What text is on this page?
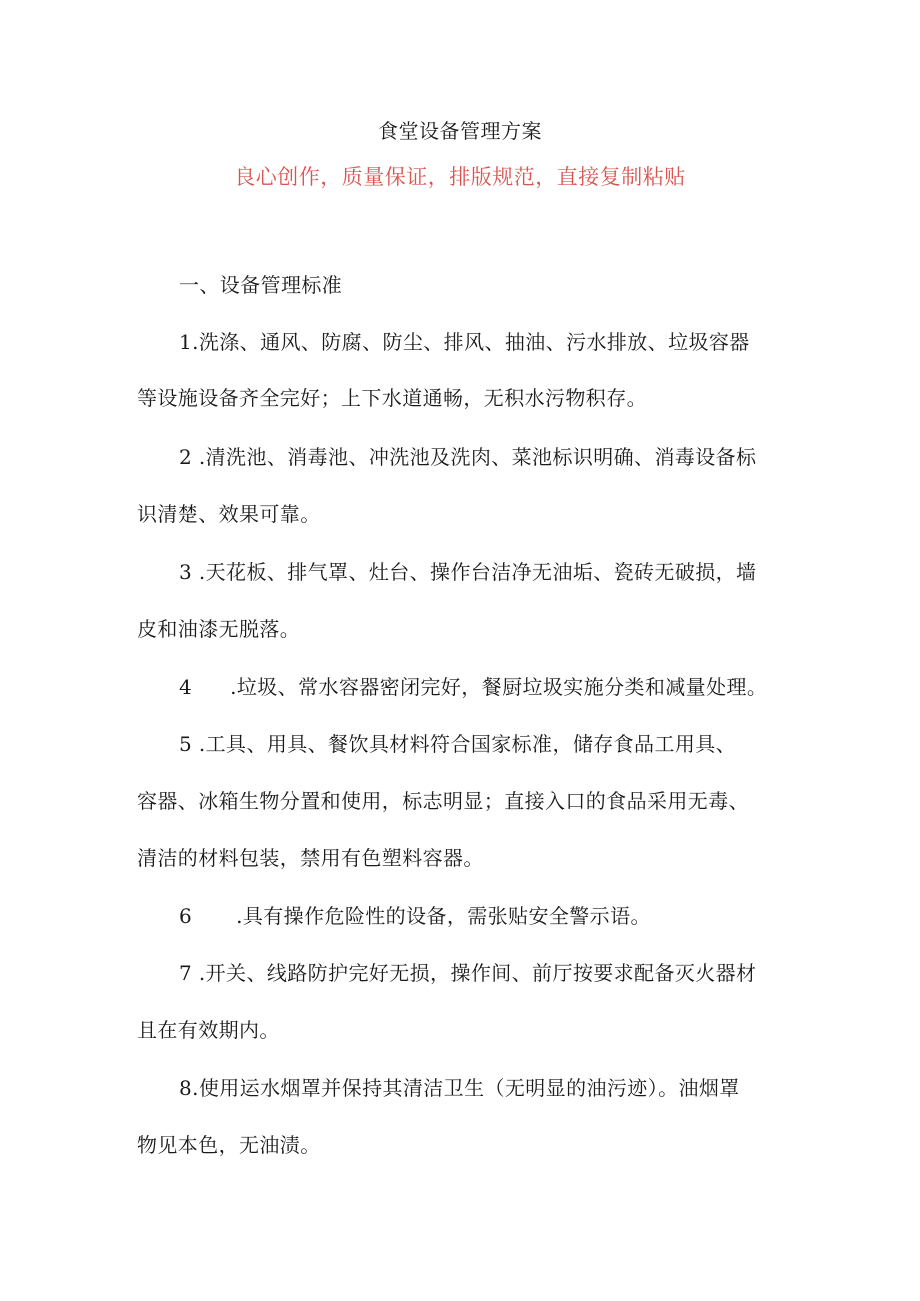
食堂设备管理方案
良心创作，质量保证，排版规范，直接复制粘贴
一、设备管理标准
1.洗涤、通风、防腐、防尘、排风、抽油、污水排放、垃圾容器
等设施设备齐全完好；上下水道通畅，无积水污物积存。
2 .清洗池、消毒池、冲洗池及洗肉、菜池标识明确、消毒设备标
识清楚、效果可靠。
3 .天花板、排气罩、灶台、操作台洁净无油垢、瓷砖无破损，墙
皮和油漆无脱落。
4 .垃圾、常水容器密闭完好，餐厨垃圾实施分类和减量处理。
5 .工具、用具、餐饮具材料符合国家标准，储存食品工用具、
容器、冰箱生物分置和使用，标志明显；直接入口的食品采用无毒、
清洁的材料包装，禁用有色塑料容器。
6 .具有操作危险性的设备，需张贴安全警示语。
7 .开关、线路防护完好无损，操作间、前厅按要求配备灭火器材
且在有效期内。
8.使用运水烟罩并保持其清洁卫生（无明显的油污迹）。油烟罩
物见本色，无油渍。
